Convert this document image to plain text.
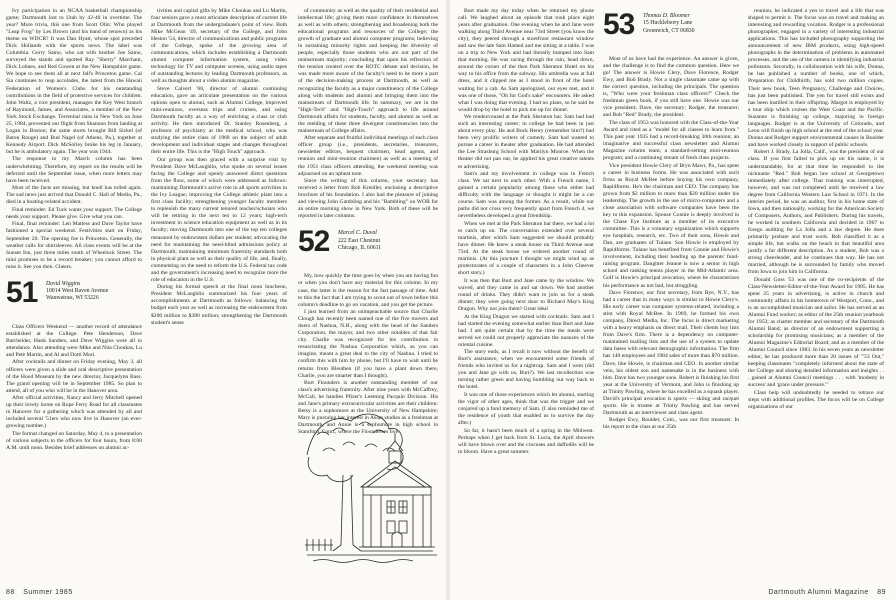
Ivy participation in an NCAA basketball championship game; Dartmouth lost to Utah by 42-40 in overtime. The year? More trivia, this one from Scott Olin: Who played "Leap Frog" by Les Brown (and his band of renown) as his theme on WDCR? It was Dan Hyatt, whose spot preceded Dick Hollands with the sports news. The label was Columbia. Gerry Samo, who sat with brother Joe Samo, surveyed the stands and spotted Ray "Sherry" Marchant, Dick Lohnes, and Red Gowen at the New Hampshire game. We hope to see them all at next fall's Princeton game. Cal Sia continues to reap accolades, the latest from the Hawaii Federation of Women's Clubs for his outstanding contributions in the field of protective services for children. John Waltz, a vice president, manages the Key West branch of Raymond, James, and Associates, a member of the New York Stock Exchange. Torrential rains in New York on June 25, 1984, prevented our flight from Shannon from landing at Logan in Boston; the same storm brought Bill Sickel (of Baton Rouge) and Bud Nagel (of Athens, Pa.), together at Kennedy Airport. Dick McSorley broke his leg in January, but he is ambulatory again. The year was 1944.

The response to my March column has been underwhelming. Therefore, my report on the results will be deferred until the September issue, when more letters may have been received.

Most of the facts are missing, but knell has tolled again. The sad news just arrived that Donald C. Hall of Media, Pa., died in a boating-related accident.

Final reminder: Ed Tuck wants your support. The College needs your support. Please give. Give what you can.

Final, final reminder: Len Matless and Dave Taylor have fashioned a special weekend. Festivities start on Friday, September 20. The opening foe is Princeton. Generally, the weather calls for shirtsleeves. All class events will be at the Sunset Inn, just three miles south of Wheelock Street. The mini promises to be a record breaker; you cannot afford to miss it. See you then. Cheers.

51 David Wiggins
10014 West Raven Avenue
Wauwatosa, WI 53226

Class Officers Weekend — another record of attendance established at the College. Pete Henderson, Dave Batchelder, Hank Sanders, and Dave Wiggins were all in attendance. Also attending were Mike and Nita Choukas, Lu and Pete Martin, and Al and Dotti Mori.

After cocktails and dinner on Friday evening, May 3, all officers were given a slide and oral descriptive presentation of the Hood Museum by the new director, Jacquelynn Bass. The grand opening will be in September 1985. So plan to attend, all of you who will be in the Hanover area.

After official activities, Nancy and Jerry Mitchell opened up their lovely home on Rope Ferry Road for all classmates in Hanover for a gathering which was attended by all and included several '51ers who now live in Hanover (an ever-growing number.)

The format changed on Saturday, May 4, to a presentation of various subjects to the officers for four hours, from 8:00 A.M. until noon. Besides brief addresses on alumni ac-

tivities and capital gifts by Mike Choukas and Lu Martin, four seniors gave a most articulate description of current life at Dartmouth from the undergraduate's point of view. Both Mike McGean '49, secretary of the College, and John Heston '54, director of communications and public programs of the College, spoke of the growing area of communications, which includes establishing a Dartmouth alumni computer information system, using video technology for TV and computer screens, using audio tapes of outstanding lectures by leading Dartmouth professors, as well as thoughts about a video alumni magazine.

Steve Calvert '68, director of alumni continuing education, gave an articulate presentation on the various options open to alumni, such as Alumni College, improved mini-reunions, overseas trips and cruises, and using Dartmouth faculty as a way of enriching a class or club activity. He then introduced Dr. Stanley Rosenberg, a professor of psychiatry at the medical school, who was studying the entire class of 1968 on the subject of adult development and individual stages and changes throughout their entire life. This is the "High Touch" approach.

Our group was then graced with a surprise visit by President Dave McLaughlin, who spoke on several issues facing the College and openly answered direct questions from the floor, some of which were addressed as follows: maintaining Dartmouth's active role in all sports activities in the Ivy League; improving the College athletic plant into a first class facility; strengthening younger faculty members to replenish the many current tenured teacher/scholars who will be retiring in the next ten to 12 years; high-tech investment in science education equipment as well as in its faculty; moving Dartmouth into one of the top ten colleges measured by endowment dollars per student; advocating the need for maintaining the need-blind admissions policy at Dartmouth; maintaining minimum fraternity standards both in physical plant as well as their quality of life, and, finally, commenting on the need to reform the U.S. Federal tax code and the government's increasing need to recognize more the role of education in the U.S.

During his formal speech at the final noon luncheon, President McLaughlin summarized his four years of accomplishments at Dartmouth as follows: balancing the budget each year as well as increasing the endowment from $200 million to $380 million; strengthening the Dartmouth student's sense

of community as well as the quality of their residential and intellectual life; giving them more confidence in themselves as well as with others; strengthening and broadening both the educational programs and resources of the College; the growth of graduate and alumni computer programs; believing in sustaining minority rights and keeping the diversity of people, especially those students who are not part of the mainstream majority; concluding that upon his reflection of the tension created over the ROTC debate and decision, he was made more aware of the faculty's need to be more a part of the decision-making process at Dartmouth, as well as recognizing the faculty as a major constituency of the College along with students and alumni and bringing them into the mainstream of Dartmouth life. In summary, we are in the "High-Tech" and "High-Touch" approach to life around Dartmouth affairs for students, faculty, and alumni as well as the melding of these three divergent constituencies into the mainstream of College affairs.

After separate and fruitful individual meetings of each class officer group (i.e., presidents, secretaries, treasurers, newsletter editors, bequest chairmen, head agents, and reunion and mini-reunion chairmen) as well as a meeting of the 1951 class officers attending, the weekend meeting was adjourned on an upbeat note.

Since the writing of this column, your secretary has received a letter from Bob Kreidler, enclosing a descriptive brochure of his foundation. I also had the pleasure of joining and viewing John Gambling and his "Rambling" on WOR for an entire morning show in New York. Both of these will be reported in later columns.

52 Marcel C. Duval
222 East Chestnut
Chicago, IL 60611

My, how quickly the time goes by when you are having fun or when you don't have any material for this column. In my case, the latter is the reason for the fast passage of time. Add to this the fact that I am trying to scout out of town before this column's deadline to go on vacation, and you get the picture.

I just learned from an unimpeachable source that Charlie Clough has recently been named one of the five movers and doers of Nashua, N.H., along with the head of the Sanders Corporation, the mayor, and two other notables of that fair city. Charlie was recognized for his contribution in resuscitating the Nashua Corporation which, as you can imagine, meant a great deal to the city of Nashua. I tried to confirm this with him by phone, but I'll have to wait until he returns from Bleuthen (if you have a plant down there, Charlie, you are smarter than I thought).

Burt Flounders is another outstanding member of our class's advertising fraternity. After nine years with McCaffrey, McCall, he handles Pfizer's Leeming Pacquin Division. His and Jane's primary extracurricular activities are their children: Betsy is a sophomore at the University of New Hampshire; Mary is pursuing her interest in Asian studies as a freshman at Dartmouth, and Annie is a sophomore in high school in Stamford, Conn., where the Flounderses live.

88 Summer 1985

Burt made my day today when he returned my phone call. We laughed about an episode that took place eight years after graduation. One evening when he and Jane were walking along Third Avenue near 73rd Street (you know the city), they peered through a storefront restaurant window and saw the late Sam Hamed and me sitting at a table. I was on a trip to New York and had literally bumped into Sam that morning. He was racing through the rain, head down, around the corner of the then Park Sheraton Hotel on his way to his office from the subway. His umbrella was at full dress, and it clipped me as I stood in front of the hotel waiting for a cab. As Sam apologized, our eyes met, and it was one of those, "Oh for God's sake" encounters. He asked what I was doing that evening. I had no plans, so he said he would drop by the hotel to pick me up for dinner.

We rendezvoused at the Park Sheraton bar. Sam had had such an interesting career; in college he had been in just about every play. He and Buck Henry (remember him?) had been very prolific writers of comedy. Sam had wanted to pursue a career in theater after graduation. He had attended the Lee Strasburg School with Marilyn Monroe. When the theater did not pan out, he applied his great creative talents to advertising.

Sam's and my involvement in college was in French class. We sat next to each other. With a French name, I gained a certain popularity among those who either had difficulty with the language or thought it might be a cut course. Sam was among the former. As a result, while our paths did not cross very frequently apart from French 4, we nevertheless developed a great friendship.

When we met at the Park Sheraton bar there, we had a lot to catch up on. The conversation extended over several martinis, after which Sam suggested we should probably have dinner. He knew a steak house on Third Avenue near 73rd. At the steak house we ordered another round of martinis. (At this juncture I thought we might wind up as protectorates of a couple of characters in a John Cheever short story.)

It was then that Burt and Jane came by the window. We waved, and they came in and sat down. We had another round of drinks. They didn't want to join us for a steak dinner; they were going next door to Richard May's King Dragon. Why not join them? Great idea!

At the King Dragon we started with cocktails. Sam and I had started the evening somewhat earlier than Burt and Jane had. I am quite certain that by the time the meals were served we could not properly appreciate the nuances of the oriental cuisine.

The story ends, as I recall it now without the benefit of Burt's assistance, when we encountered some friends of friends who invited us for a nightcap. Sam and I went (did you and Jane go with us, Burt?). We last recollection was turning rather green and having bumbling our way back to the hotel.

It was one of those experiences which let alumni, starting the vigor of other ages, think that was the trigger and we conjured up a fond memory of Sam. (I also reminded me of the residence of youth that enabled us to survive the day after.)

So far, it hasn't been much of a spring in the Midwest. Perhaps when I get back from St. Lucia, the April showers will have blown over and the crocuses and daffodils will be in bloom. Have a great summer.

53 Thomas D. Bloomer
15 Huckleberry Lane
Greenwich, CT 06830

Most of us have had the experience. An answer is given, and the challenge is to find the common question. Here we go! The answer is Howie Clery, Dave Florence, Rodger Ewy, and Bob Brady. Not a single classmate came up with the correct question, including the principals. The question is, "Who were your freshman class officers?" Check the freshman green book, if you still have one. Howie was our vice president; Dave, the secretary; Rodger, the treasurer; and Bob "Red" Brady, the president.

The class of 1953 was honored with the Class-of-the-Year Award and cited as a "model for all classes to learn from." This past year 1935 had a record-breaking 30th reunion; an imaginative and successful class newsletter and Alumni Magazine column team; a standard-setting mini-reunion program; and a continuing stream of fresh class projects.

Vice president Howie Clery of Bryn Mawr, Pa., has spent a career in business forms. He was associated with such firms as Royal McBee before buying his own company, Rapidforms. He's the chairman and CEO. The company has grown from $2 million to more than $20 million under his leadership. The growth in the use of micro-computers and a close association with software companies have been the key to this expansion. Spouse Connie is deeply involved in the Chase Eye Institute as a member of its executive committee. This is a voluntary organization which supports eye hospitals, research, etc. Two of their sons, Howie and Dan, are graduates of Tulane. Son Howie is employed by Rapidforms. Tulane has benefited from Connie and Howie's involvement, including their heading up the parents' fund-raising program. Daughter Jeanne is now a senior in high school and ranking tennis player in the Mid-Atlantic area. Golf is Howie's principal avocation, where he characterizes his performance as not bad, but struggling.

Dave Florence, our first secretary, from Rye, N.Y., has had a career that in many ways is similar to Howie Clery's. His early career was computer systems-related, including a stint with Royal McBee. In 1969, he formed his own company, Direct Media, Inc. The focus is direct marketing with a heavy emphasis on direct mail. Their clients buy lists from Dave's firm. There is a dependency on computer-maintained mailing lists and the use of a system to update data bases with relevant demographic information. The firm has 140 employees and 1984 sales of more than $70 million. Dave, like Howie, is chairman and CEO. In another similar vein, his oldest son and namesake is in the business with him. Dave has two younger sons. Robert is finishing his first year at the University of Vermont, and John is finishing up at Trinity Pawling, where he has excelled as a squash player. David's principal avocation is sports — skiing and racquet sports. He is trustee at Trinity Pawling and has served Dartmouth as an interviewer and class agent.

Rodger Ewy, Boulder, Colo., was our first treasurer. In his report to the class at our 25th

reunion, he indicated a yen to travel and a life that was shaped to permit it. The focus was on travel and making an interesting and rewarding vocation. Rodger is a professional photographer, engaged in a variety of interesting industrial applications. This has included photography supporting the announcement of new IBM products, using high-speed photographs in the determination of problems in automated processes, and the use of the camera in identifying industrial pollutants. Secondly, in collaboration with his wife, Donna, he has published a number of books, one of which, Preparation for Childbirth, has sold two million copies. Their new book, Teen Pregnancy, Challenge and Choices, has just been published. The yen for travel still exists and has been instilled in their offspring. Margot is employed by a tour ship which cruises the West Coast and the Pacific. Suzanne is finishing up college, majoring in foreign languages. Rodger is at the University of Colorado, and Leon will finish up high school at the end of the school year. Donna and Rodger support environmental causes in Boulder and have worked closely in support of public schools.

Robert J. Brady, La Jolla, Calif., was the president of our class. If you first failed to pick up on his name, it is understandable, for at that time he responded to the nickname "Red." Bob began law school at Georgetown immediately after college. That training was interrupted, however, and was not completed until he received a law degree from California Western Law School in 1971. In the interim period, he was an auditor, first in his home state of Iowa, and then nationally, working for the American Society of Composers, Authors, and Publishers. During his travels, he worked in southern California and decided in 1967 to forego auditing for La Jolla and a law degree. He does primarily probate and trust work. Bob classified it as a simple life, but walks on the beach in that beautiful area justify a far different description. As a student, Bob was a strong cheerleader, and he continues that way. He has not married, although he is surrounded by family who moved from Iowa to join him in California.

Donald Goss '53 was one of the co-recipients of the Class-Newsletter-Editor-of-the-Year Award for 1985. He has spent 25 years in advertising, is active in church and community affairs in his hometown of Westport, Conn., and is an accomplished musician and sailor. He has served as an Alumni Fund worker; as editor of the 25th reunion yearbook for 1953; as charter member and secretary of the Dartmouth Alumni Band; as director of an endowment supporting a scholarship for promising musicians; as a member of the Alumni Magazine's Editorial Board; and as a member of the Alumni Council since 1983. In his seven years as newsletter editor, he has produced more than 20 issues of "'53 Out," keeping classmates "completely informed about the state of the College and sharing detailed information and insights . . . gained at Alumni Council meetings . . . with 'modesty in success' and 'grace under pressure.'"

Class help will undoubtedly be needed to retrace our steps with additional profiles. The focus will be on College organizations of our

Dartmouth Alumni Magazine 89
